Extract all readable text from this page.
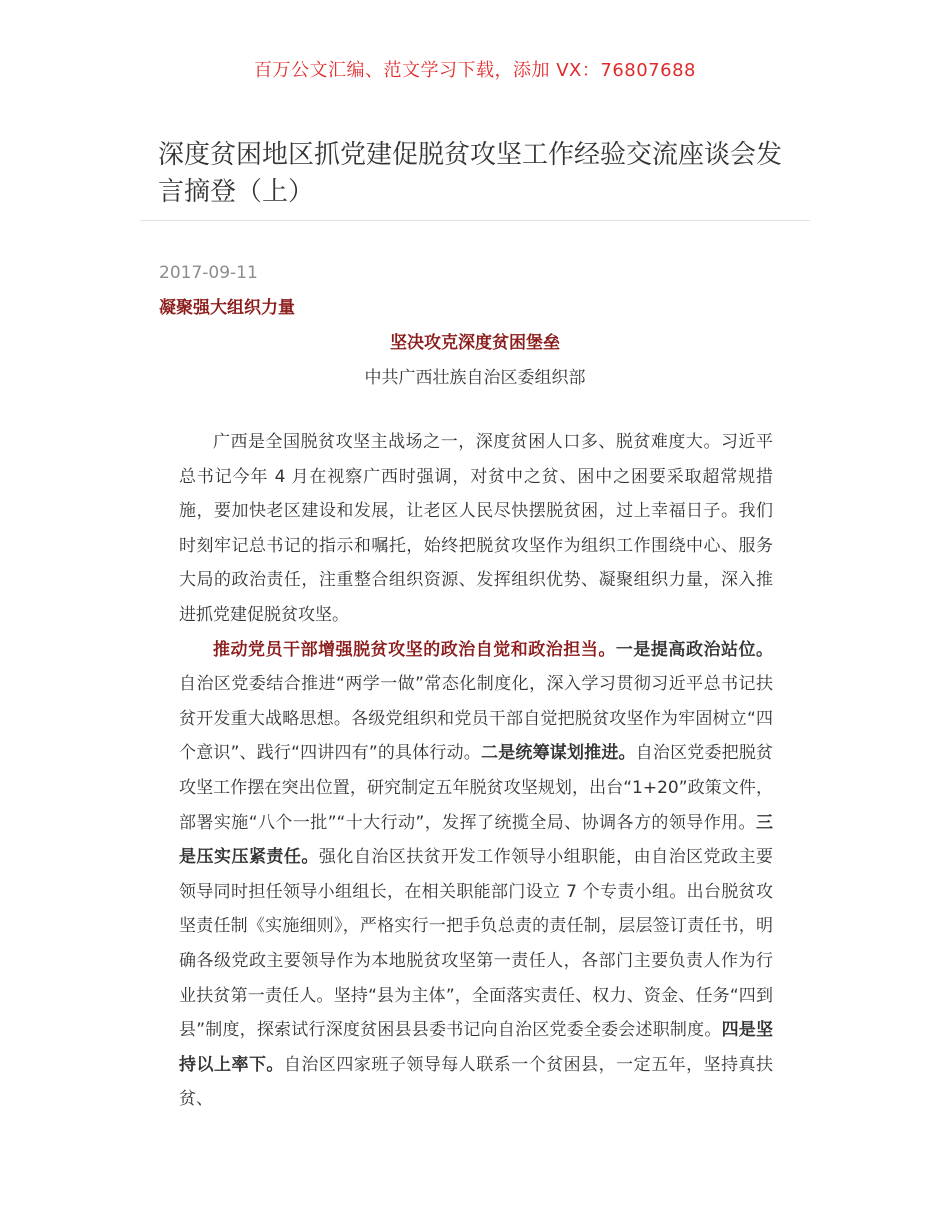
百万公文汇编、范文学习下载，添加 VX：76807688
深度贫困地区抓党建促脱贫攻坚工作经验交流座谈会发言摘登（上）
2017-09-11
凝聚强大组织力量
坚决攻克深度贫困堡垒
中共广西壮族自治区委组织部

广西是全国脱贫攻坚主战场之一，深度贫困人口多、脱贫难度大。习近平总书记今年 4 月在视察广西时强调，对贫中之贫、困中之困要采取超常规措施，要加快老区建设和发展，让老区人民尽快摆脱贫困，过上幸福日子。我们时刻牢记总书记的指示和嘱托，始终把脱贫攻坚作为组织工作围绕中心、服务大局的政治责任，注重整合组织资源、发挥组织优势、凝聚组织力量，深入推进抓党建促脱贫攻坚。

推动党员干部增强脱贫攻坚的政治自觉和政治担当。一是提高政治站位。自治区党委结合推进“两学一做”常态化制度化，深入学习贯彻习近平总书记扶贫开发重大战略思想。各级党组织和党员干部自觉把脱贫攻坚作为牢固树立“四个意识”、践行“四讲四有”的具体行动。二是统筹谋划推进。自治区党委把脱贫攻坚工作摆在突出位置，研究制定五年脱贫攻坚规划，出台“1+20”政策文件，部署实施“八个一批”“十大行动”，发挥了统揽全局、协调各方的领导作用。三是压实压紧责任。强化自治区扶贫开发工作领导小组职能，由自治区党政主要领导同时担任领导小组组长，在相关职能部门设立 7 个专责小组。出台脱贫攻坚责任制《实施细则》，严格实行一把手负总责的责任制，层层签订责任书，明确各级党政主要领导作为本地脱贫攻坚第一责任人，各部门主要负责人作为行业扶贫第一责任人。坚持“县为主体”，全面落实责任、权力、资金、任务“四到县”制度，探索试行深度贫困县县委书记向自治区党委全委会述职制度。四是坚持以上率下。自治区四家班子领导每人联系一个贫困县，一定五年，坚持真扶贫、
